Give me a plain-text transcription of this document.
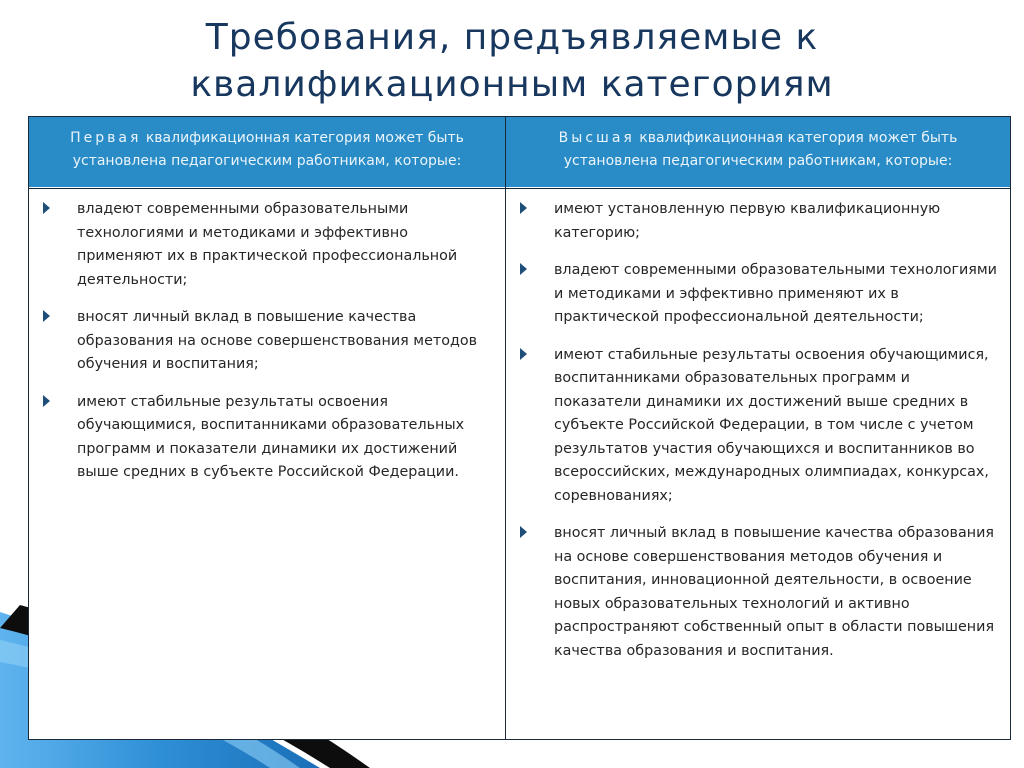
Требования, предъявляемые к
квалификационным категориям
Первая квалификационная категория может быть установлена педагогическим работникам, которые:
Высшая квалификационная категория может быть установлена педагогическим работникам, которые:
владеют современными образовательными технологиями и методиками и эффективно применяют их в практической профессиональной деятельности;
вносят личный вклад в повышение качества образования на основе совершенствования методов обучения и воспитания;
имеют стабильные результаты освоения обучающимися, воспитанниками образовательных программ и показатели динамики их достижений выше средних в субъекте Российской Федерации.
имеют установленную первую квалификационную категорию;
владеют современными образовательными технологиями и методиками и эффективно применяют их в практической профессиональной деятельности;
имеют стабильные результаты освоения обучающимися, воспитанниками образовательных программ и показатели динамики их достижений выше средних в субъекте Российской Федерации, в том числе с учетом результатов участия обучающихся и воспитанников во всероссийских, международных олимпиадах, конкурсах, соревнованиях;
вносят личный вклад в повышение качества образования на основе совершенствования методов обучения и воспитания, инновационной деятельности, в освоение новых образовательных технологий и активно распространяют собственный опыт в области повышения качества образования и воспитания.
